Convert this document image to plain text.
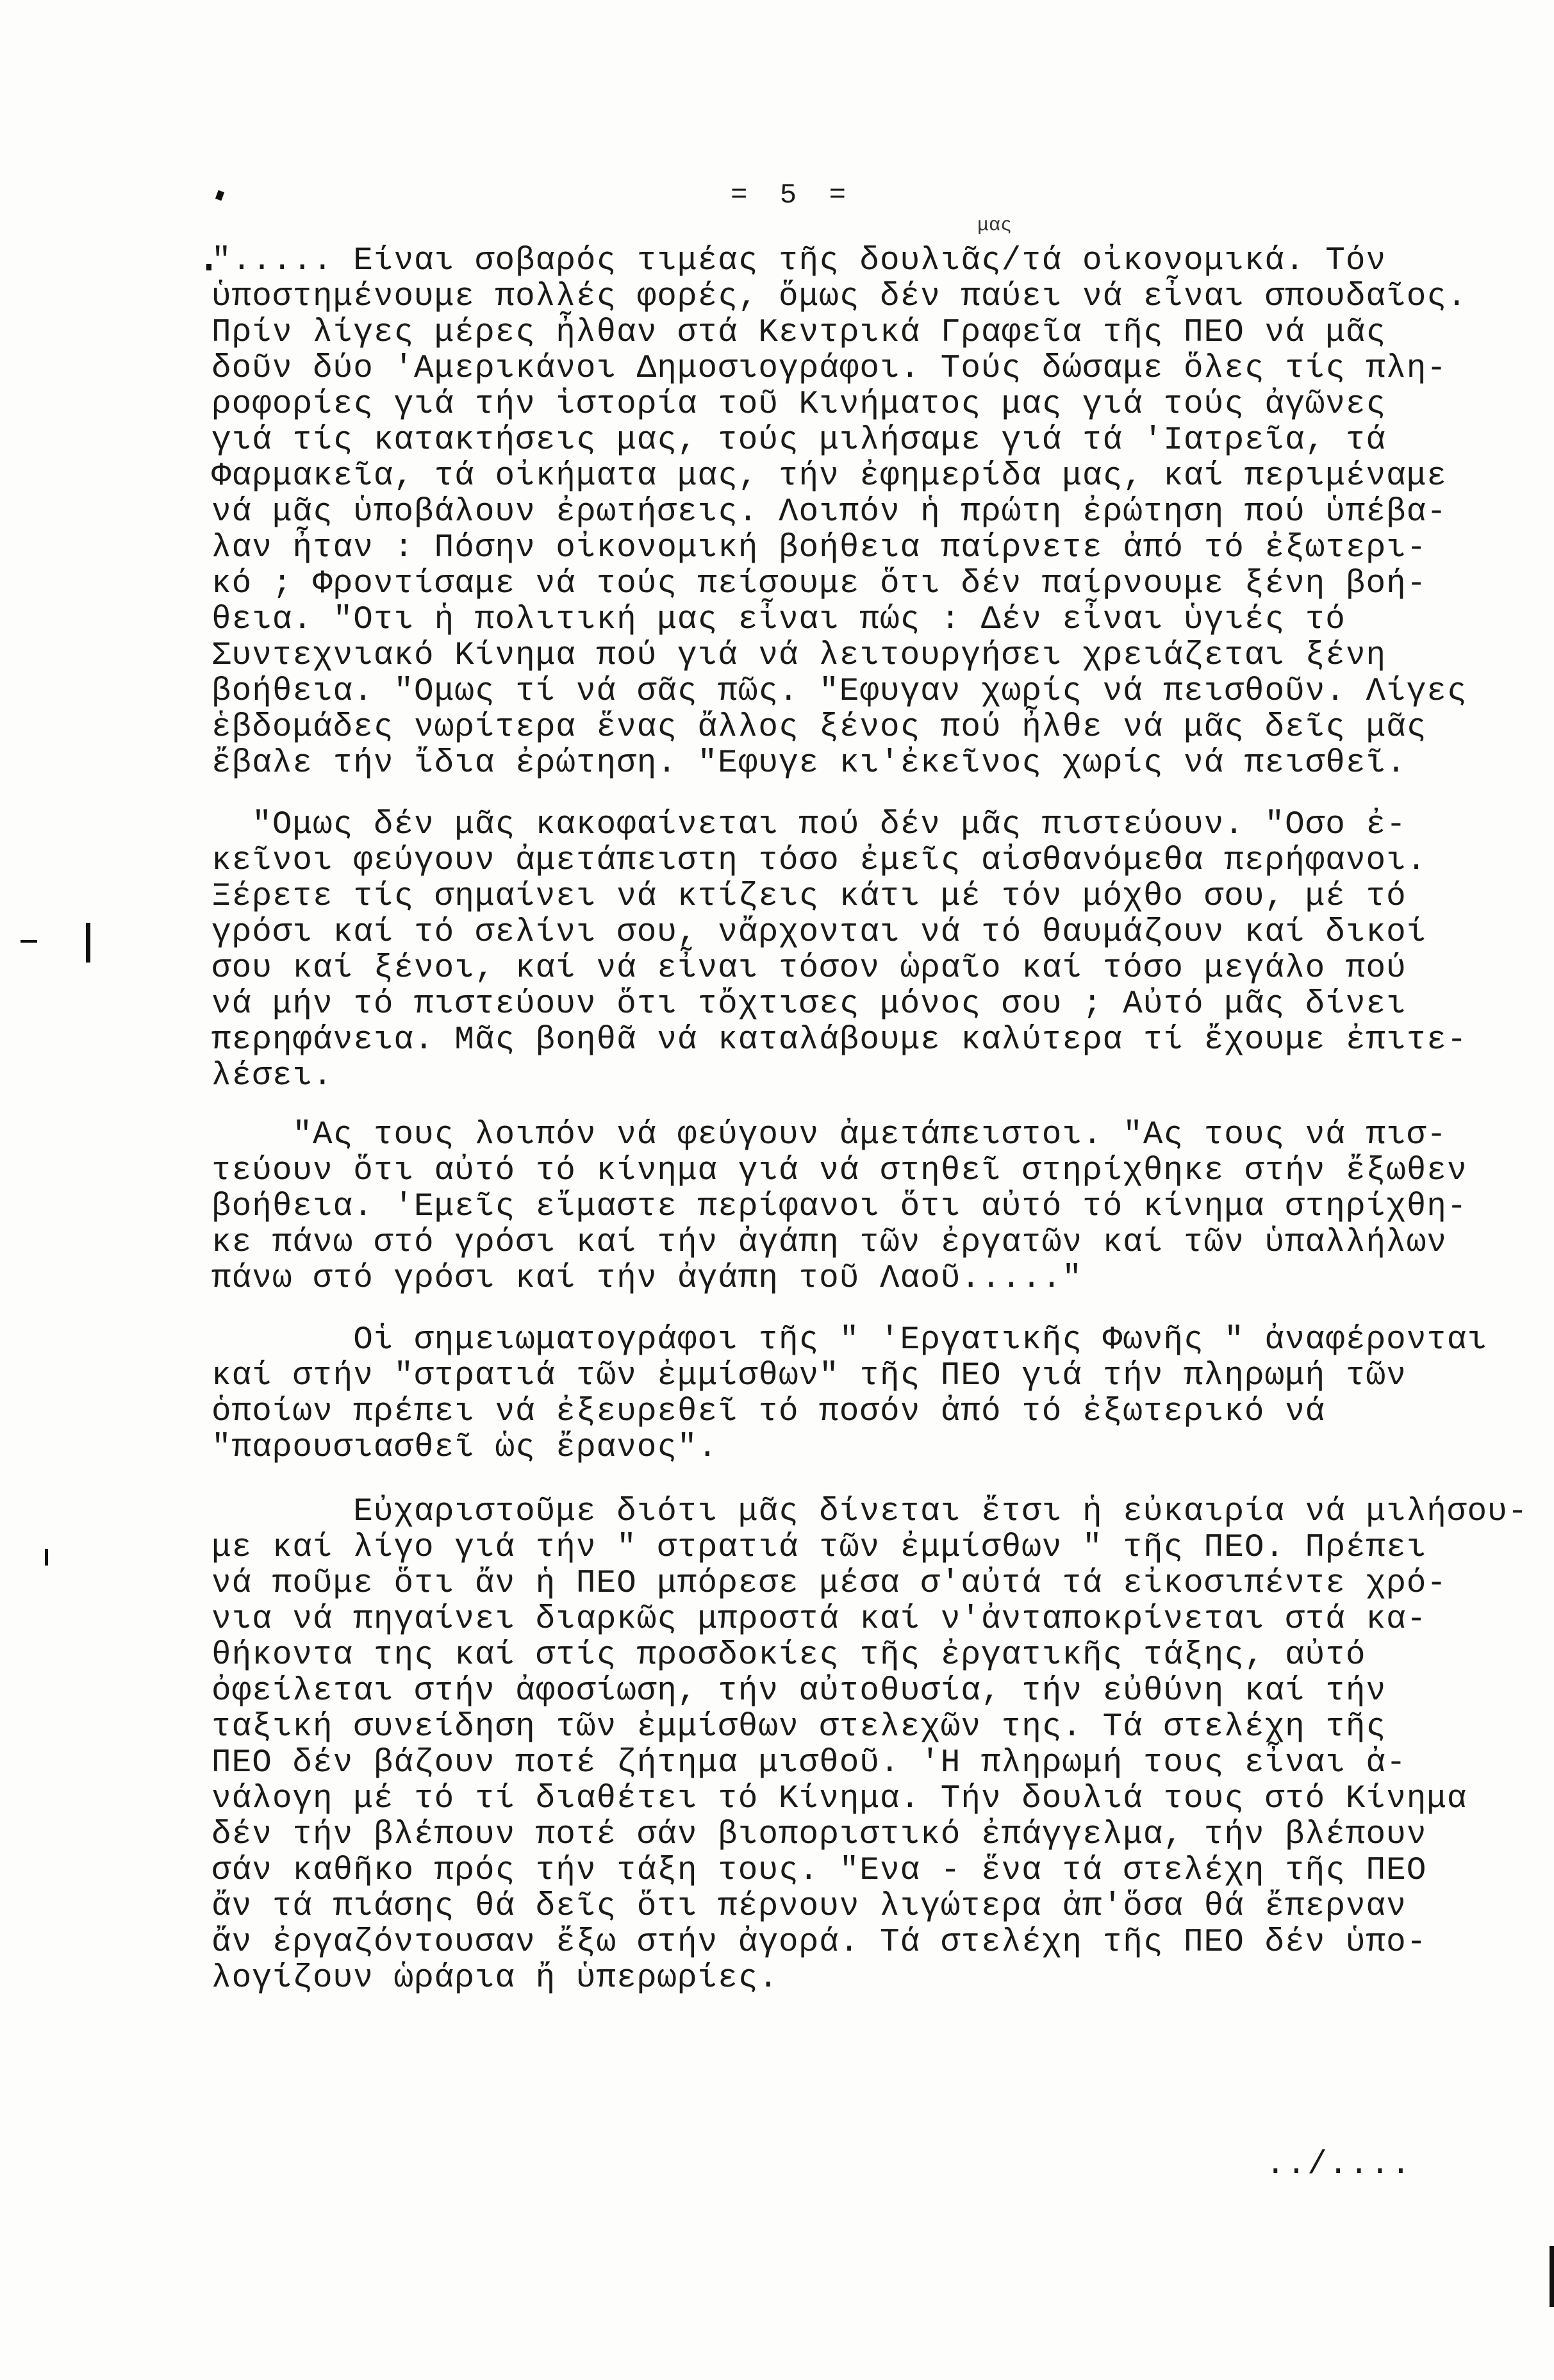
= 5 =
μας
"..... Είναι σοβαρός τιμέας τῆς δουλιᾶς/τά οἰκονομικά. Τόν
ὑποστημένουμε πολλές φορές, ὅμως δέν παύει νά εἶναι σπουδαῖος.
Πρίν λίγες μέρες ἦλθαν στά Κεντρικά Γραφεῖα τῆς ΠΕΟ νά μᾶς
δοῦν δύο 'Αμερικάνοι Δημοσιογράφοι. Τούς δώσαμε ὅλες τίς πλη-
ροφορίες γιά τήν ἱστορία τοῦ Κινήματος μας γιά τούς ἀγῶνες
γιά τίς κατακτήσεις μας, τούς μιλήσαμε γιά τά 'Ιατρεῖα, τά
Φαρμακεῖα, τά οἰκήματα μας, τήν ἐφημερίδα μας, καί περιμέναμε
νά μᾶς ὑποβάλουν ἐρωτήσεις. Λοιπόν ἡ πρώτη ἐρώτηση πού ὑπέβα-
λαν ἦταν : Πόσην οἰκονομική βοήθεια παίρνετε ἀπό τό ἐξωτερι-
κό ; Φροντίσαμε νά τούς πείσουμε ὅτι δέν παίρνουμε ξένη βοή-
θεια. "Οτι ἡ πολιτική μας εἶναι πώς : Δέν εἶναι ὑγιές τό
Συντεχνιακό Κίνημα πού γιά νά λειτουργήσει χρειάζεται ξένη
βοήθεια. "Ομως τί νά σᾶς πῶς. "Εφυγαν χωρίς νά πεισθοῦν. Λίγες
ἑβδομάδες νωρίτερα ἕνας ἄλλος ξένος πού ἦλθε νά μᾶς δεῖς μᾶς
ἔβαλε τήν ἴδια ἐρώτηση. "Εφυγε κι'ἐκεῖνος χωρίς νά πεισθεῖ.
"Ομως δέν μᾶς κακοφαίνεται πού δέν μᾶς πιστεύουν. "Οσο ἐ-
κεῖνοι φεύγουν ἀμετάπειστη τόσο ἐμεῖς αἰσθανόμεθα περήφανοι.
Ξέρετε τίς σημαίνει νά κτίζεις κάτι μέ τόν μόχθο σου, μέ τό
γρόσι καί τό σελίνι σου, νἄρχονται νά τό θαυμάζουν καί δικοί
σου καί ξένοι, καί νά εἶναι τόσον ὡραῖο καί τόσο μεγάλο πού
νά μήν τό πιστεύουν ὅτι τὄχτισες μόνος σου ; Αὐτό μᾶς δίνει
περηφάνεια. Μᾶς βοηθᾶ νά καταλάβουμε καλύτερα τί ἔχουμε ἐπιτε-
λέσει.
"Ας τους λοιπόν νά φεύγουν ἀμετάπειστοι. "Ας τους νά πισ-
τεύουν ὅτι αὐτό τό κίνημα γιά νά στηθεῖ στηρίχθηκε στήν ἔξωθεν
βοήθεια. 'Εμεῖς εἴμαστε περίφανοι ὅτι αὐτό τό κίνημα στηρίχθη-
κε πάνω στό γρόσι καί τήν ἀγάπη τῶν ἐργατῶν καί τῶν ὑπαλλήλων
πάνω στό γρόσι καί τήν ἀγάπη τοῦ Λαοῦ....."
Οἱ σημειωματογράφοι τῆς " 'Εργατικῆς Φωνῆς " ἀναφέρονται
καί στήν "στρατιά τῶν ἐμμίσθων" τῆς ΠΕΟ γιά τήν πληρωμή τῶν
ὁποίων πρέπει νά ἐξευρεθεῖ τό ποσόν ἀπό τό ἐξωτερικό νά
"παρουσιασθεῖ ὡς ἔρανος".
Εὐχαριστοῦμε διότι μᾶς δίνεται ἔτσι ἡ εὐκαιρία νά μιλήσου-
με καί λίγο γιά τήν " στρατιά τῶν ἐμμίσθων " τῆς ΠΕΟ. Πρέπει
νά ποῦμε ὅτι ἄν ἡ ΠΕΟ μπόρεσε μέσα σ'αὐτά τά εἰκοσιπέντε χρό-
νια νά πηγαίνει διαρκῶς μπροστά καί ν'ἀνταποκρίνεται στά κα-
θήκοντα της καί στίς προσδοκίες τῆς ἐργατικῆς τάξης, αὐτό
ὀφείλεται στήν ἀφοσίωση, τήν αὐτοθυσία, τήν εὐθύνη καί τήν
ταξική συνείδηση τῶν ἐμμίσθων στελεχῶν της. Τά στελέχη τῆς
ΠΕΟ δέν βάζουν ποτέ ζήτημα μισθοῦ. 'Η πληρωμή τους εἶναι ἀ-
νάλογη μέ τό τί διαθέτει τό Κίνημα. Τήν δουλιά τους στό Κίνημα
δέν τήν βλέπουν ποτέ σάν βιοποριστικό ἐπάγγελμα, τήν βλέπουν
σάν καθῆκο πρός τήν τάξη τους. "Ενα - ἕνα τά στελέχη τῆς ΠΕΟ
ἄν τά πιάσης θά δεῖς ὅτι πέρνουν λιγώτερα ἀπ'ὅσα θά ἔπερναν
ἄν ἐργαζόντουσαν ἔξω στήν ἀγορά. Τά στελέχη τῆς ΠΕΟ δέν ὑπο-
λογίζουν ὡράρια ἤ ὑπερωρίες.
../....
